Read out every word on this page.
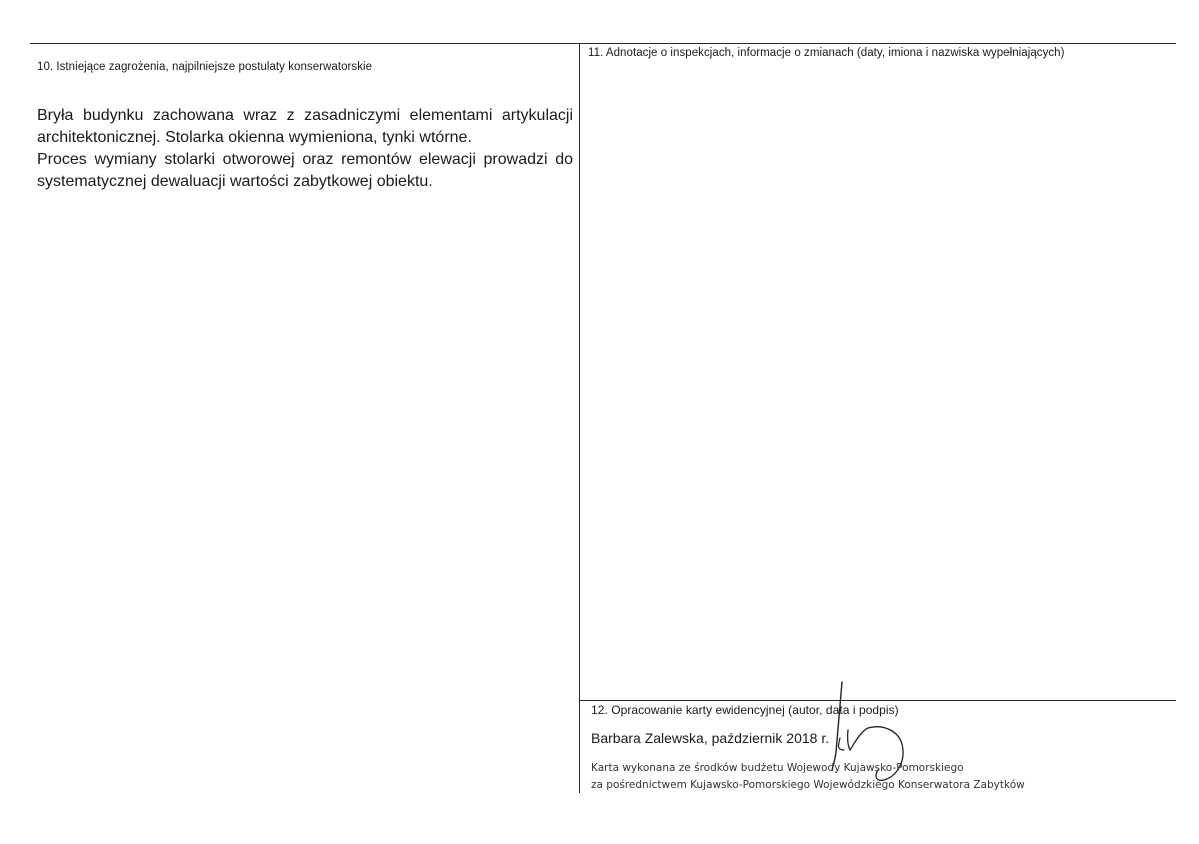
10. Istniejące zagrożenia, najpilniejsze postulaty konserwatorskie

Bryła budynku zachowana wraz z zasadniczymi elementami artykulacji architektonicznej. Stolarka okienna wymieniona, tynki wtórne.

Proces wymiany stolarki otworowej oraz remontów elewacji prowadzi do systematycznej dewaluacji wartości zabytkowej obiektu.

11. Adnotacje o inspekcjach, informacje o zmianach (daty, imiona i nazwiska wypełniających)
12. Opracowanie karty ewidencyjnej (autor, data i podpis)
Barbara Zalewska, październik 2018 r.
Karta wykonana ze środków budżetu Wojewody Kujawsko-Pomorskiego
za pośrednictwem Kujawsko-Pomorskiego Wojewódzkiego Konserwatora Zabytków
